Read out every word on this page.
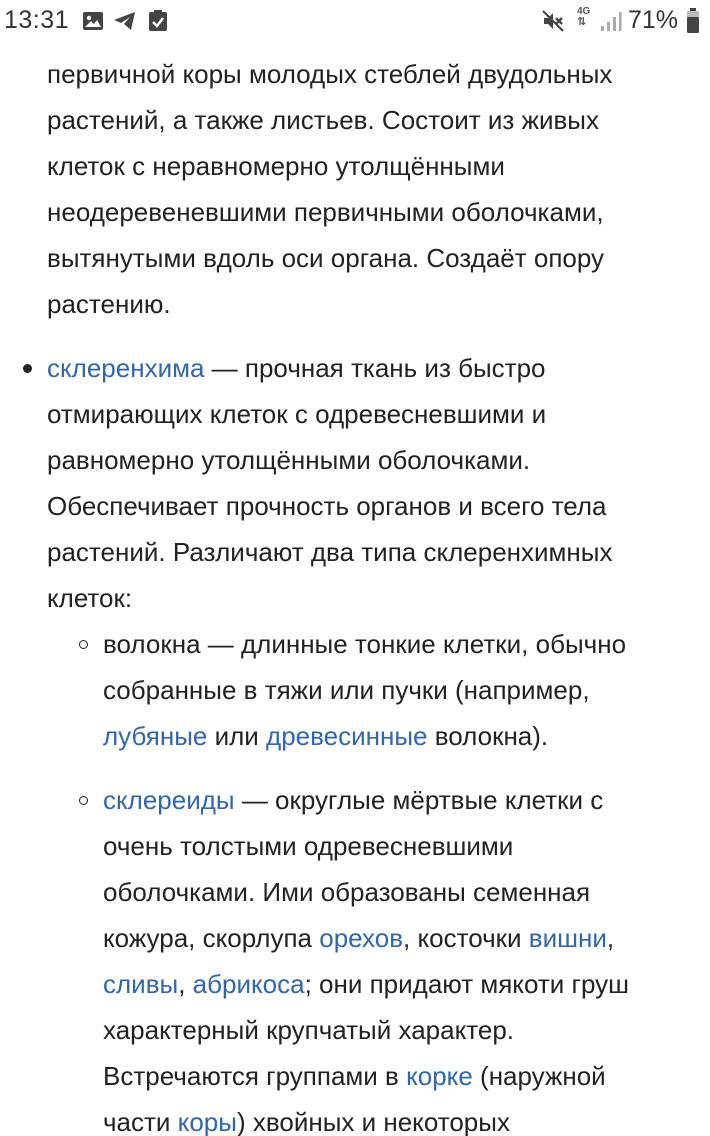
первичной коры молодых стеблей двудольных
растений, а также листьев. Состоит из живых
клеток с неравномерно утолщёнными
неодеревеневшими первичными оболочками,
вытянутыми вдоль оси органа. Создаёт опору
растению.
склеренхима — прочная ткань из быстро
отмирающих клеток с одревесневшими и
равномерно утолщёнными оболочками.
Обеспечивает прочность органов и всего тела
растений. Различают два типа склеренхимных
клеток:
волокна — длинные тонкие клетки, обычно
собранные в тяжи или пучки (например,
лубяные или древесинные волокна).
склереиды — округлые мёртвые клетки с
очень толстыми одревесневшими
оболочками. Ими образованы семенная
кожура, скорлупа орехов, косточки вишни,
сливы, абрикоса; они придают мякоти груш
характерный крупчатый характер.
Встречаются группами в корке (наружной
части коры) хвойных и некоторых
13:31	4G
⇅ 71%
